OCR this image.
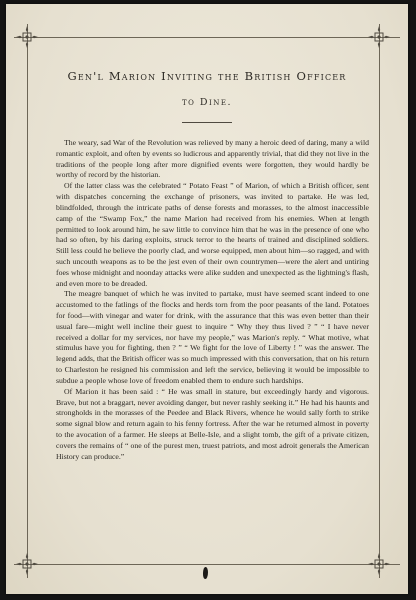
Gen'l Marion Inviting the British Officer
to Dine.

The weary, sad War of the Revolution was relieved by many a heroic deed of daring, many a wild romantic exploit, and often by events so ludicrous and apparently trivial, that did they not live in the traditions of the people long after more dignified events were forgotten, they would hardly be worthy of record by the historian.

Of the latter class was the celebrated “ Potato Feast ” of Marion, of which a British officer, sent with dispatches concerning the exchange of prisoners, was invited to partake. He was led, blindfolded, through the intricate paths of dense forests and morasses, to the almost inaccessible camp of the “Swamp Fox,” the name Marion had received from his enemies. When at length permitted to look around him, he saw little to convince him that he was in the presence of one who had so often, by his daring exploits, struck terror to the hearts of trained and disciplined soldiers. Still less could he believe the poorly clad, and worse equipped, men about him—so ragged, and with such uncouth weapons as to be the jest even of their own countrymen—were the alert and untiring foes whose midnight and noonday attacks were alike sudden and unexpected as the lightning's flash, and even more to be dreaded.

The meagre banquet of which he was invited to partake, must have seemed scant indeed to one accustomed to the fatlings of the flocks and herds torn from the poor peasants of the land. Potatoes for food—with vinegar and water for drink, with the assurance that this was even better than their usual fare—might well incline their guest to inquire “ Why they thus lived ? ” “ I have never received a dollar for my services, nor have my people,” was Marion's reply. “ What motive, what stimulus have you for fighting, then ? ” “ We fight for the love of Liberty ! ” was the answer. The legend adds, that the British officer was so much impressed with this conversation, that on his return to Charleston he resigned his commission and left the service, believing it would be impossible to subdue a people whose love of freedom enabled them to endure such hardships.

Of Marion it has been said : “ He was small in stature, but exceedingly hardy and vigorous. Brave, but not a braggart, never avoiding danger, but never rashly seeking it.” He had his haunts and strongholds in the morasses of the Peedee and Black Rivers, whence he would sally forth to strike some signal blow and return again to his fenny fortress. After the war he returned almost in poverty to the avocation of a farmer. He sleeps at Belle-Isle, and a slight tomb, the gift of a private citizen, covers the remains of “ one of the purest men, truest patriots, and most adroit generals the American History can produce.”
